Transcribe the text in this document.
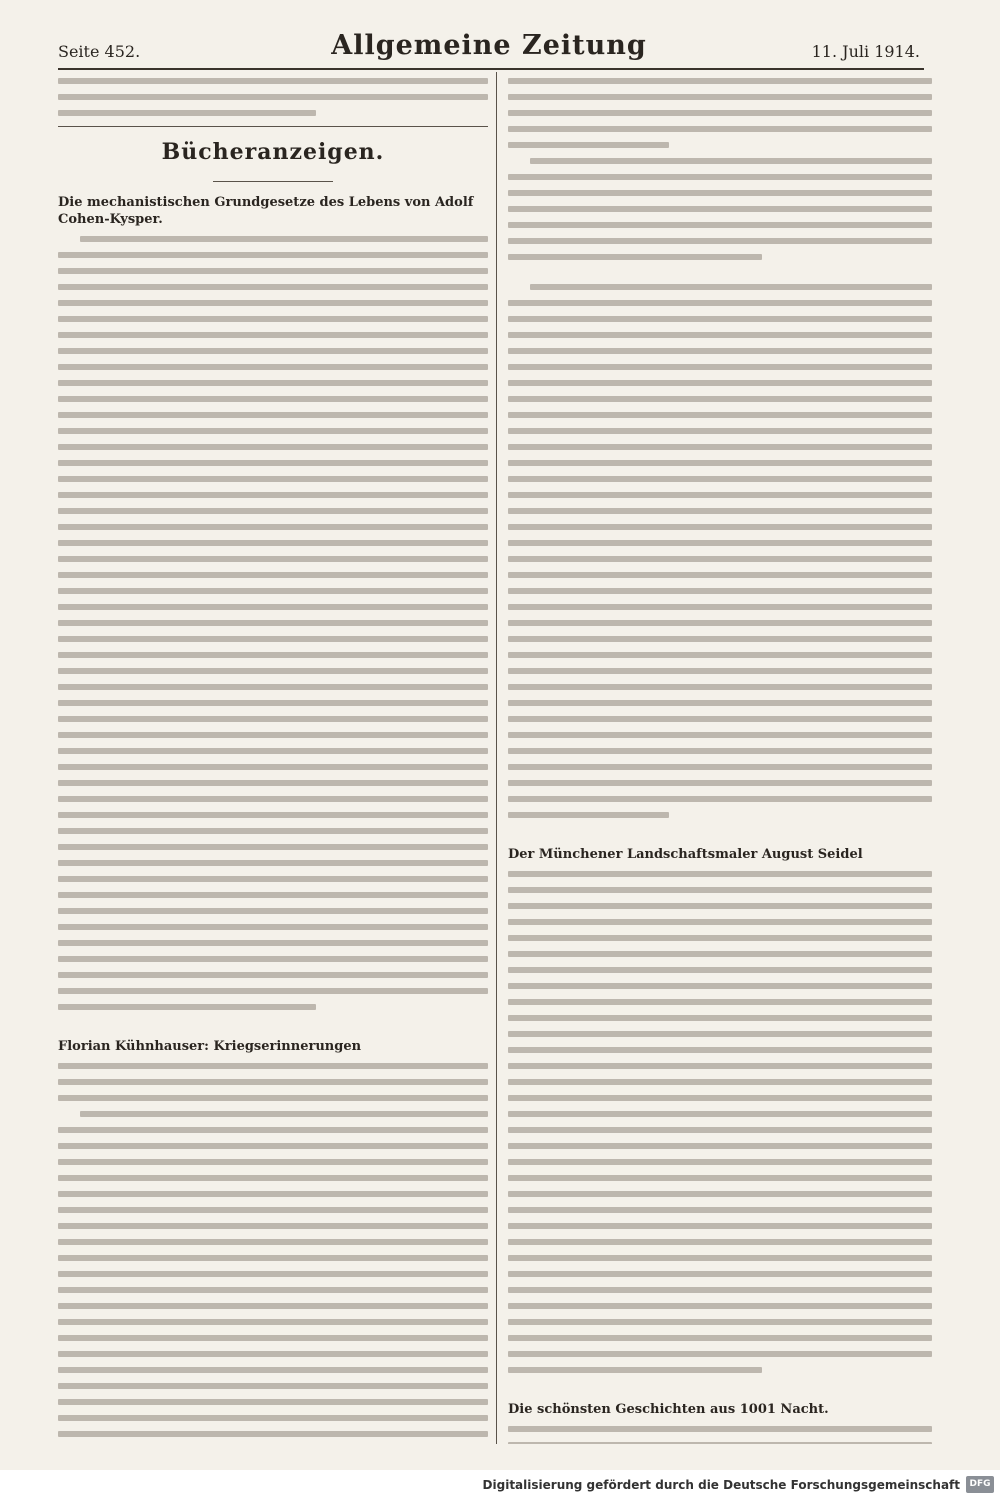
Seite 452.	Allgemeine Zeitung	11. Juli 1914.
Bücheranzeigen.
Die mechanistischen Grundgesetze des Lebens von Adolf Cohen-Kysper.
Florian Kühnhauser: Kriegserinnerungen
Der Münchener Landschaftsmaler August Seidel
Die schönsten Geschichten aus 1001 Nacht.
Digitalisierung gefördert durch die Deutsche Forschungsgemeinschaft	DFG
